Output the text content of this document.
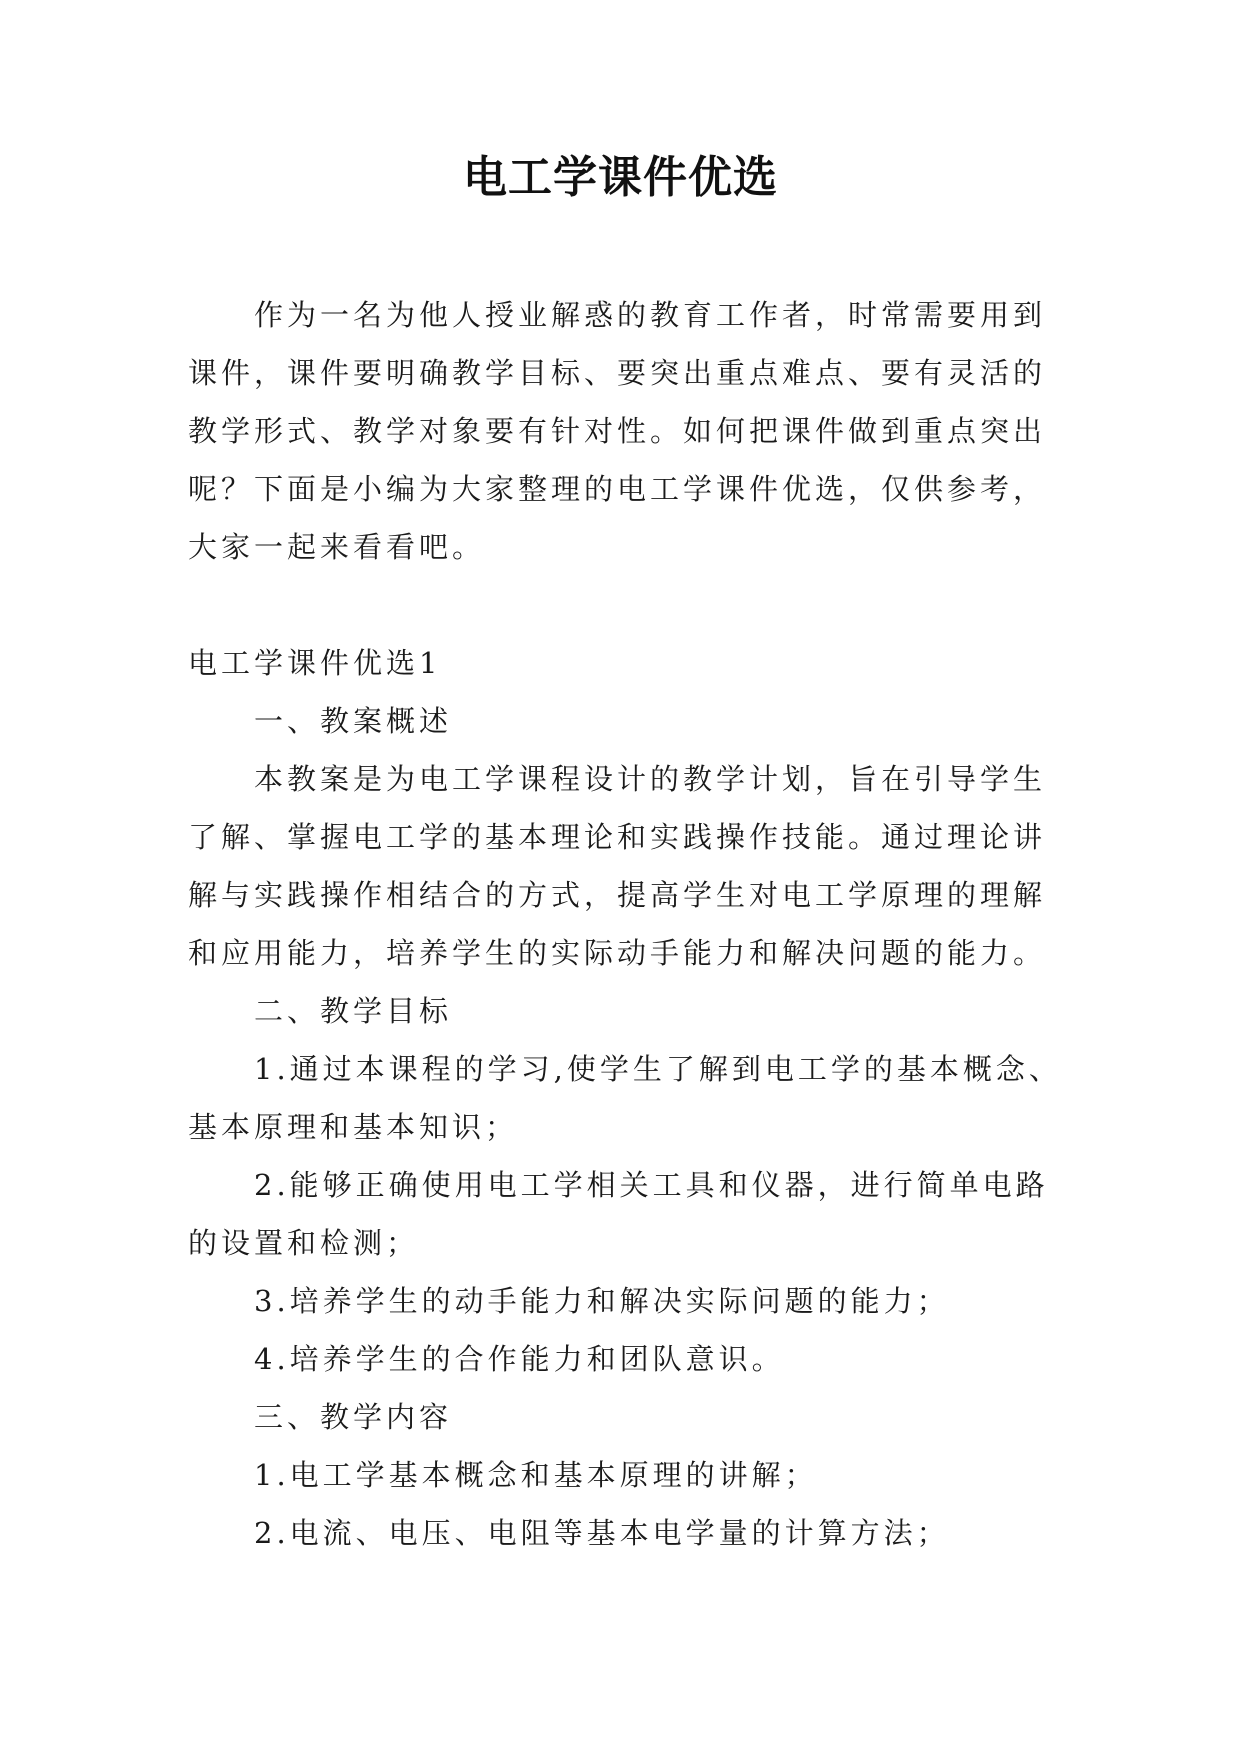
电工学课件优选

作为一名为他人授业解惑的教育工作者，时常需要用到课件，课件要明确教学目标、要突出重点难点、要有灵活的教学形式、教学对象要有针对性。如何把课件做到重点突出呢？下面是小编为大家整理的电工学课件优选，仅供参考，大家一起来看看吧。

电工学课件优选1

一、教案概述

本教案是为电工学课程设计的教学计划，旨在引导学生了解、掌握电工学的基本理论和实践操作技能。通过理论讲解与实践操作相结合的方式，提高学生对电工学原理的理解和应用能力，培养学生的实际动手能力和解决问题的能力。

二、教学目标

1.通过本课程的学习,使学生了解到电工学的基本概念、基本原理和基本知识；

2.能够正确使用电工学相关工具和仪器，进行简单电路的设置和检测；

3.培养学生的动手能力和解决实际问题的能力；

4.培养学生的合作能力和团队意识。

三、教学内容

1.电工学基本概念和基本原理的讲解；

2.电流、电压、电阻等基本电学量的计算方法；
